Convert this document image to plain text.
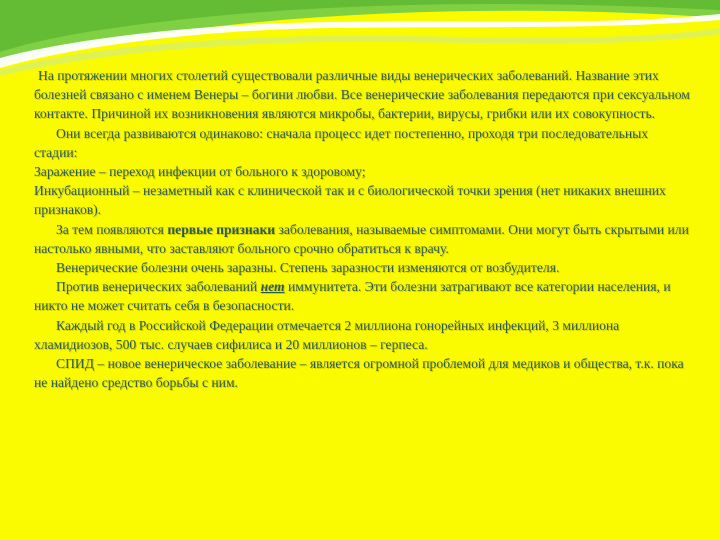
На протяжении многих столетий существовали различные виды венерических заболеваний. Название этих болезней связано с именем Венеры – богини любви. Все венерические заболевания передаются при сексуальном контакте. Причиной их возникновения являются микробы, бактерии, вирусы, грибки или их совокупность.

Они всегда развиваются одинаково: сначала процесс идет постепенно, проходя три последовательных стадии:

Заражение – переход инфекции от больного к здоровому;

Инкубационный – незаметный как с клинической так и с биологической точки зрения (нет никаких внешних признаков).

За тем появляются первые признаки заболевания, называемые симптомами. Они могут быть скрытыми или настолько явными, что заставляют больного срочно обратиться к врачу.

Венерические болезни очень заразны. Степень заразности изменяются от возбудителя.

Против венерических заболеваний нет иммунитета. Эти болезни затрагивают все категории населения, и никто не может считать себя в безопасности.

Каждый год в Российской Федерации отмечается 2 миллиона гонорейных инфекций, 3 миллиона хламидиозов, 500 тыс. случаев сифилиса и 20 миллионов – герпеса.

СПИД – новое венерическое заболевание – является огромной проблемой для медиков и общества, т.к. пока не найдено средство борьбы с ним.
